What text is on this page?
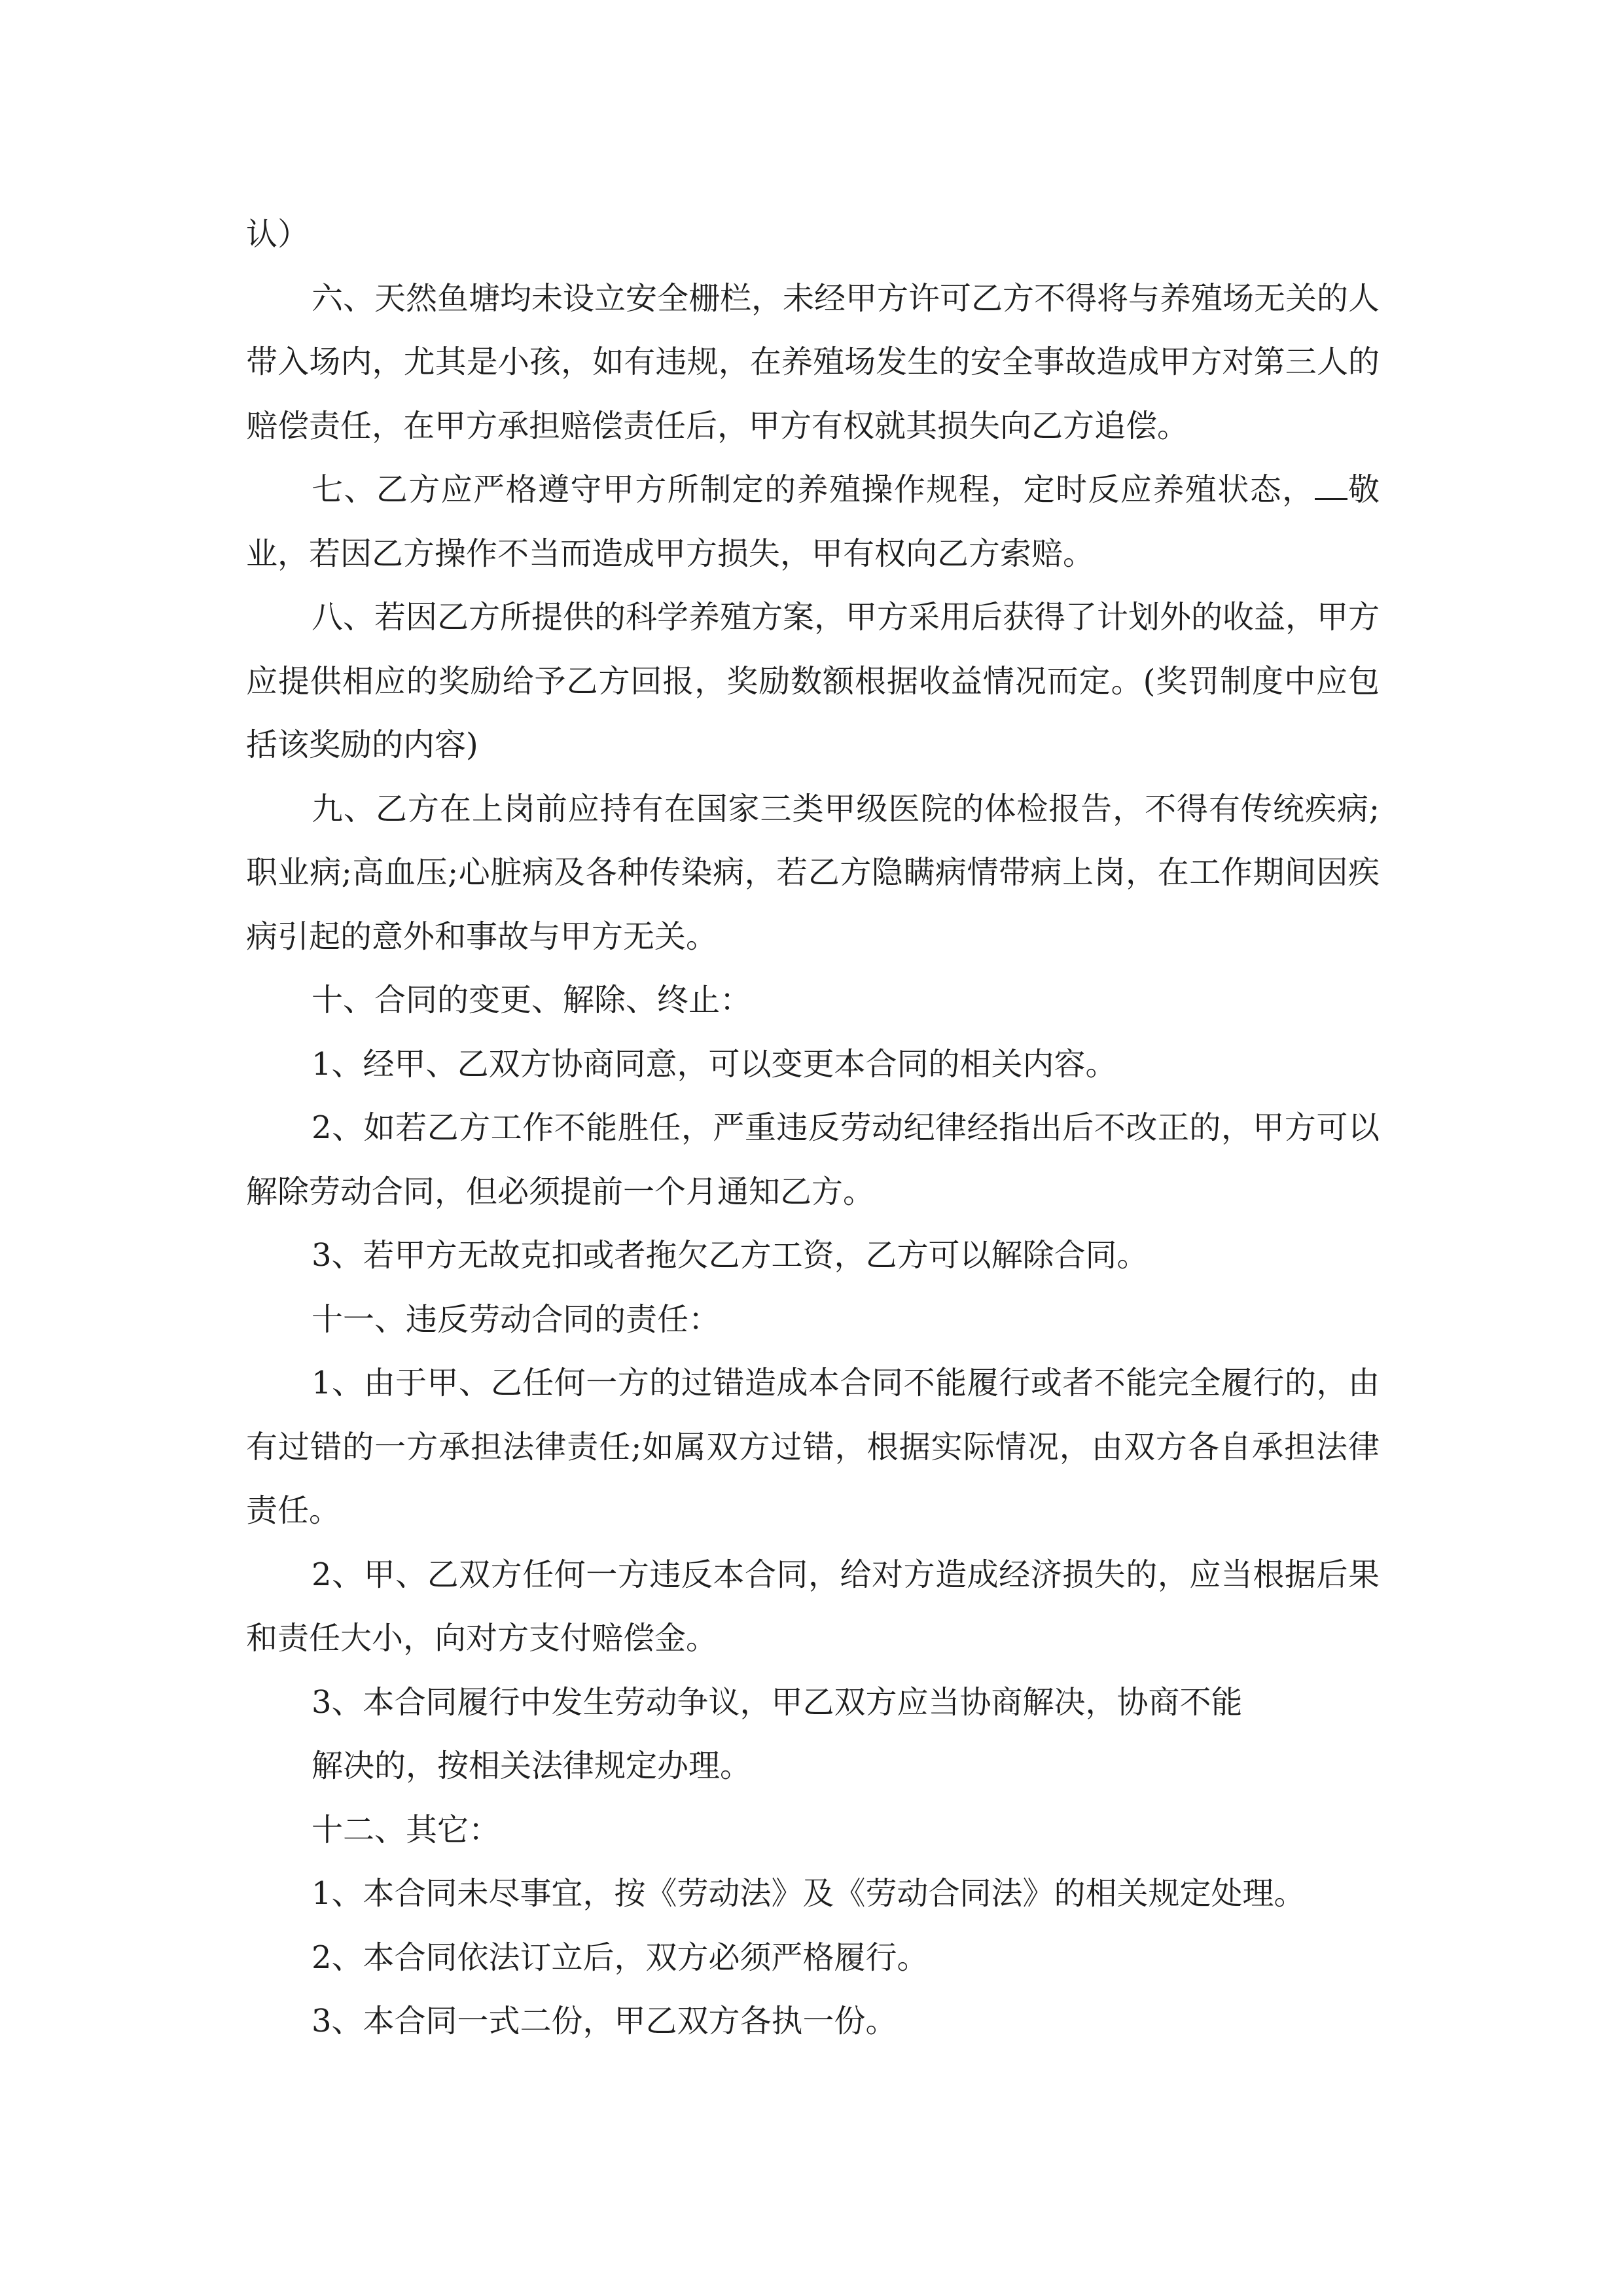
认）

六、天然鱼塘均未设立安全栅栏，未经甲方许可乙方不得将与养殖场无关的人带入场内，尤其是小孩，如有违规，在养殖场发生的安全事故造成甲方对第三人的赔偿责任，在甲方承担赔偿责任后，甲方有权就其损失向乙方追偿。

七、乙方应严格遵守甲方所制定的养殖操作规程，定时反应养殖状态， 敬业，若因乙方操作不当而造成甲方损失，甲有权向乙方索赔。

八、若因乙方所提供的科学养殖方案，甲方采用后获得了计划外的收益，甲方应提供相应的奖励给予乙方回报，奖励数额根据收益情况而定。(奖罚制度中应包括该奖励的内容)

九、乙方在上岗前应持有在国家三类甲级医院的体检报告，不得有传统疾病;职业病;高血压;心脏病及各种传染病，若乙方隐瞒病情带病上岗，在工作期间因疾病引起的意外和事故与甲方无关。

十、合同的变更、解除、终止：

1、经甲、乙双方协商同意，可以变更本合同的相关内容。

2、如若乙方工作不能胜任，严重违反劳动纪律经指出后不改正的，甲方可以解除劳动合同，但必须提前一个月通知乙方。

3、若甲方无故克扣或者拖欠乙方工资，乙方可以解除合同。

十一、违反劳动合同的责任：

1、由于甲、乙任何一方的过错造成本合同不能履行或者不能完全履行的，由有过错的一方承担法律责任;如属双方过错，根据实际情况，由双方各自承担法律责任。

2、甲、乙双方任何一方违反本合同，给对方造成经济损失的，应当根据后果和责任大小，向对方支付赔偿金。

3、本合同履行中发生劳动争议，甲乙双方应当协商解决，协商不能

解决的，按相关法律规定办理。

十二、其它：

1、本合同未尽事宜，按《劳动法》及《劳动合同法》的相关规定处理。

2、本合同依法订立后，双方必须严格履行。

3、本合同一式二份，甲乙双方各执一份。
